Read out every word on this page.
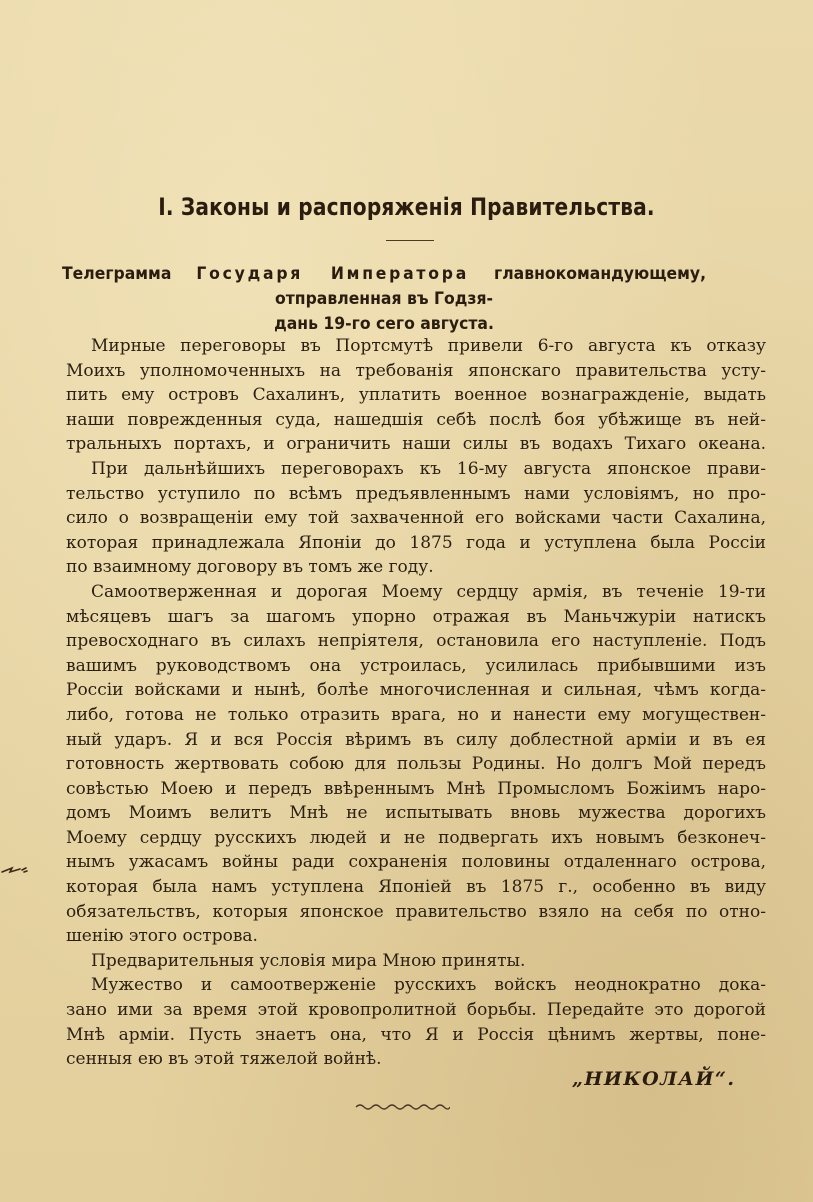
I. Законы и распоряженія Правительства.
Телеграмма Государя Императора главнокомандующему, отправленная въ Годзя-
дань 19-го сего августа.
Мирные переговоры въ Портсмутѣ привели 6-го августа къ отказу
Моихъ уполномоченныхъ на требованія японскаго правительства усту-
пить ему островъ Сахалинъ, уплатить военное вознагражденіе, выдать
наши поврежденныя суда, нашедшія себѣ послѣ боя убѣжище въ ней-
тральныхъ портахъ, и ограничить наши силы въ водахъ Тихаго океана.
При дальнѣйшихъ переговорахъ къ 16-му августа японское прави-
тельство уступило по всѣмъ предъявленнымъ нами условіямъ, но про-
сило о возвращеніи ему той захваченной его войсками части Сахалина,
которая принадлежала Японіи до 1875 года и уступлена была Россіи
по взаимному договору въ томъ же году.
Самоотверженная и дорогая Моему сердцу армія, въ теченіе 19-ти
мѣсяцевъ шагъ за шагомъ упорно отражая въ Маньчжуріи натискъ
превосходнаго въ силахъ непріятеля, остановила его наступленіе. Подъ
вашимъ руководствомъ она устроилась, усилилась прибывшими изъ
Россіи войсками и нынѣ, болѣе многочисленная и сильная, чѣмъ когда-
либо, готова не только отразить врага, но и нанести ему могуществен-
ный ударъ. Я и вся Россія вѣримъ въ силу доблестной арміи и въ ея
готовность жертвовать собою для пользы Родины. Но долгъ Мой передъ
совѣстью Моею и передъ ввѣреннымъ Мнѣ Промысломъ Божіимъ наро-
домъ Моимъ велитъ Мнѣ не испытывать вновь мужества дорогихъ
Моему сердцу русскихъ людей и не подвергать ихъ новымъ безконеч-
нымъ ужасамъ войны ради сохраненія половины отдаленнаго острова,
которая была намъ уступлена Японіей въ 1875 г., особенно въ виду
обязательствъ, которыя японское правительство взяло на себя по отно-
шенію этого острова.
Предварительныя условія мира Мною приняты.
Мужество и самоотверженіе русскихъ войскъ неоднократно дока-
зано ими за время этой кровопролитной борьбы. Передайте это дорогой
Мнѣ арміи. Пусть знаетъ она, что Я и Россія цѣнимъ жертвы, поне-
сенныя ею въ этой тяжелой войнѣ.
„НИКОЛАЙ“.
